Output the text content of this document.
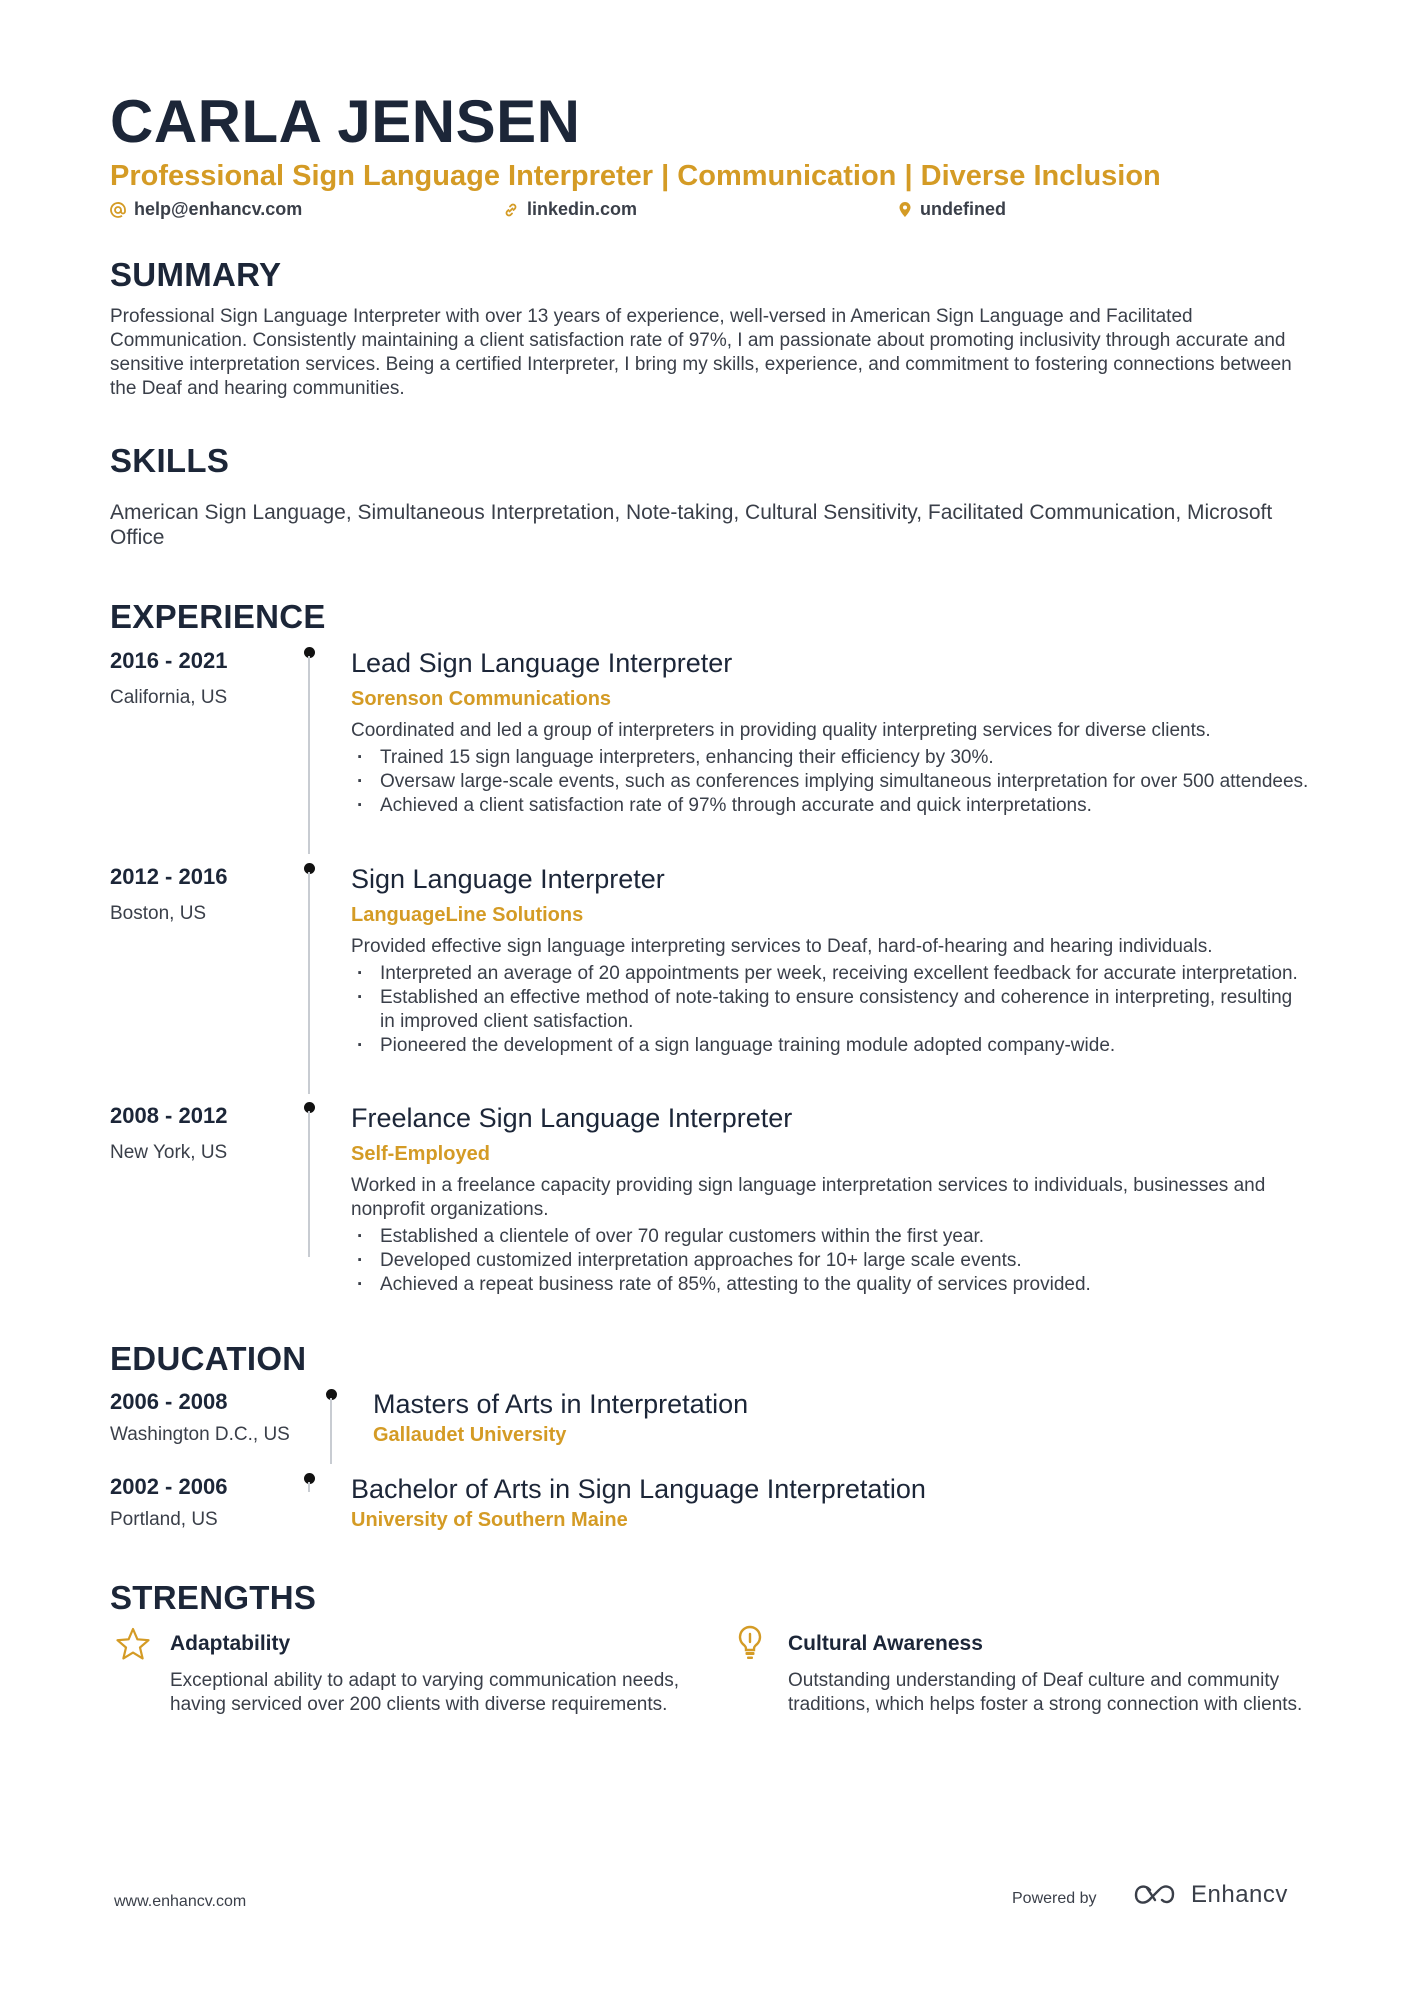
CARLA JENSEN
Professional Sign Language Interpreter | Communication | Diverse Inclusion
help@enhancv.com	linkedin.com	undefined
SUMMARY
Professional Sign Language Interpreter with over 13 years of experience, well-versed in American Sign Language and Facilitated Communication. Consistently maintaining a client satisfaction rate of 97%, I am passionate about promoting inclusivity through accurate and sensitive interpretation services. Being a certified Interpreter, I bring my skills, experience, and commitment to fostering connections between the Deaf and hearing communities.
SKILLS
American Sign Language, Simultaneous Interpretation, Note-taking, Cultural Sensitivity, Facilitated Communication, Microsoft Office
EXPERIENCE
2016 - 2021
California, US
Lead Sign Language Interpreter
Sorenson Communications
Coordinated and led a group of interpreters in providing quality interpreting services for diverse clients.
· Trained 15 sign language interpreters, enhancing their efficiency by 30%.
· Oversaw large-scale events, such as conferences implying simultaneous interpretation for over 500 attendees.
· Achieved a client satisfaction rate of 97% through accurate and quick interpretations.
2012 - 2016
Boston, US
Sign Language Interpreter
LanguageLine Solutions
Provided effective sign language interpreting services to Deaf, hard-of-hearing and hearing individuals.
· Interpreted an average of 20 appointments per week, receiving excellent feedback for accurate interpretation.
· Established an effective method of note-taking to ensure consistency and coherence in interpreting, resulting in improved client satisfaction.
· Pioneered the development of a sign language training module adopted company-wide.
2008 - 2012
New York, US
Freelance Sign Language Interpreter
Self-Employed
Worked in a freelance capacity providing sign language interpretation services to individuals, businesses and nonprofit organizations.
· Established a clientele of over 70 regular customers within the first year.
· Developed customized interpretation approaches for 10+ large scale events.
· Achieved a repeat business rate of 85%, attesting to the quality of services provided.
EDUCATION
2006 - 2008
Washington D.C., US
Masters of Arts in Interpretation
Gallaudet University
2002 - 2006
Portland, US
Bachelor of Arts in Sign Language Interpretation
University of Southern Maine
STRENGTHS
Adaptability
Exceptional ability to adapt to varying communication needs, having serviced over 200 clients with diverse requirements.
Cultural Awareness
Outstanding understanding of Deaf culture and community traditions, which helps foster a strong connection with clients.
www.enhancv.com	Powered by	Enhancv
